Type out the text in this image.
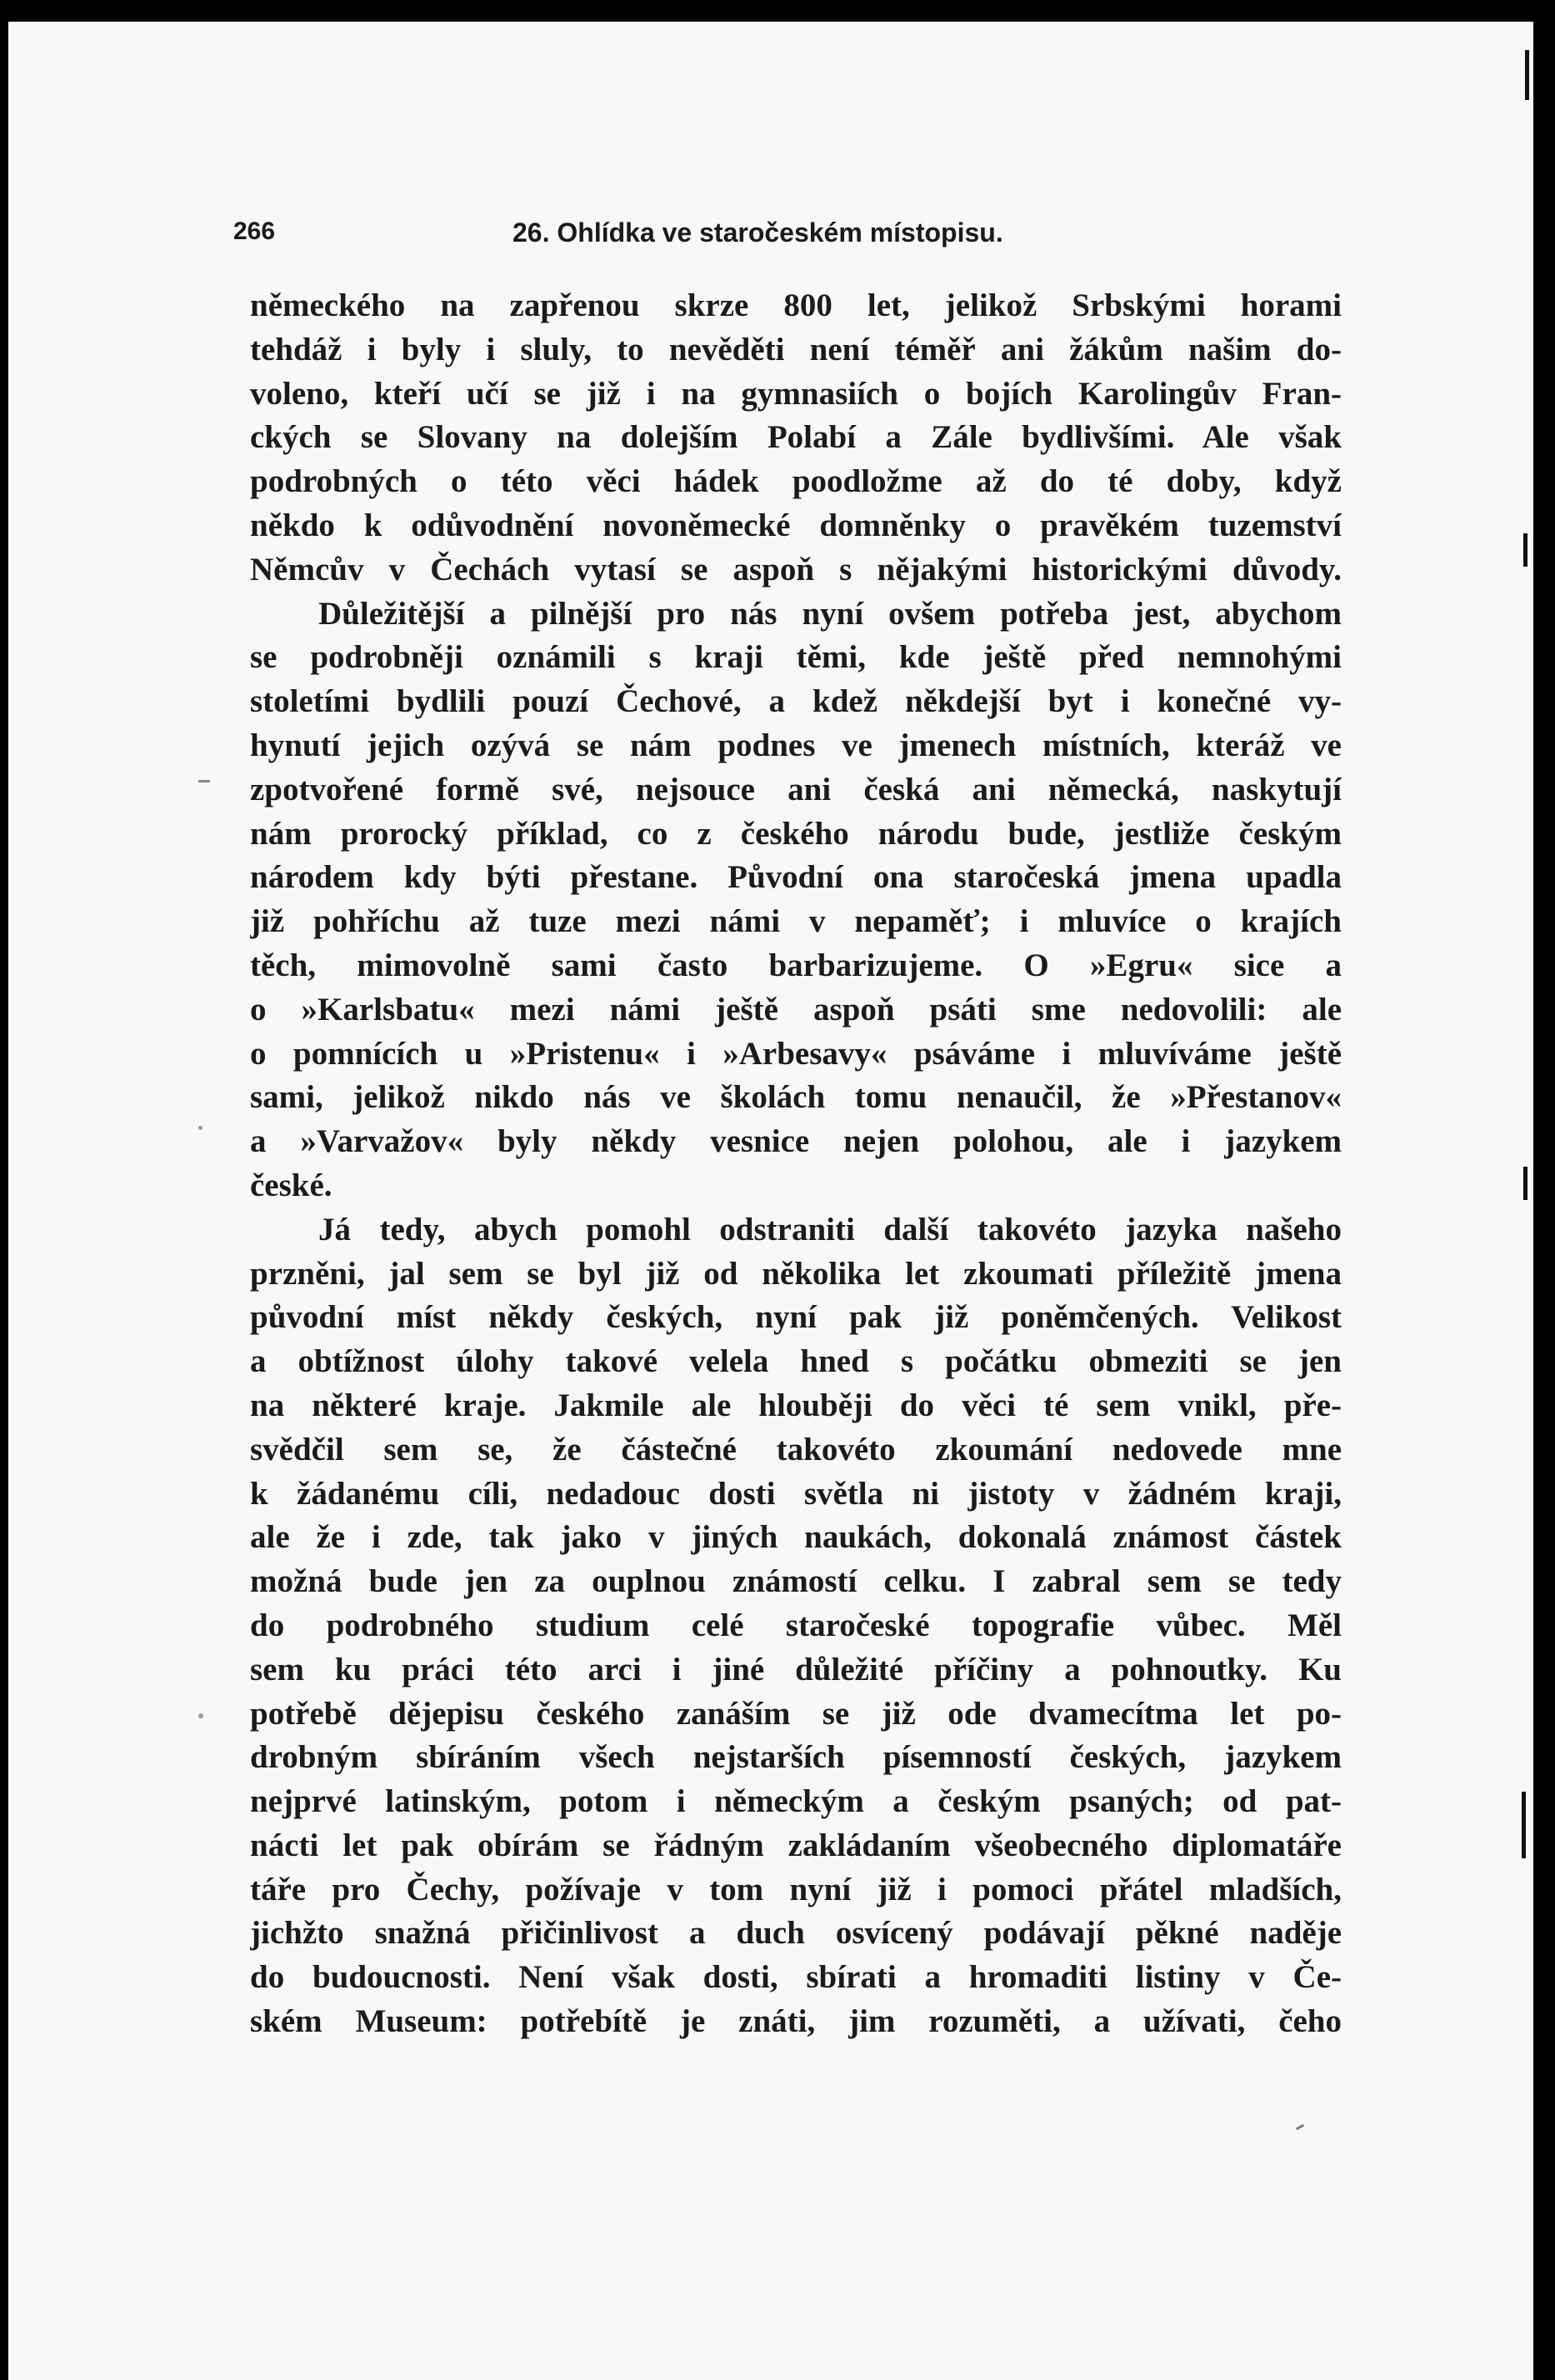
266	26. Ohlídka ve staročeském místopisu.
německého na zapřenou skrze 800 let, jelikož Srbskými horami
tehdáž i byly i sluly, to nevěděti není téměř ani žákům našim do-
voleno, kteří učí se již i na gymnasiích o bojích Karolingův Fran-
ckých se Slovany na dolejším Polabí a Zále bydlivšími. Ale však
podrobných o této věci hádek poodložme až do té doby, když
někdo k odůvodnění novoněmecké domněnky o pravěkém tuzemství
Němcův v Čechách vytasí se aspoň s nějakými historickými důvody.
Důležitější a pilnější pro nás nyní ovšem potřeba jest, abychom
se podrobněji oznámili s kraji těmi, kde ještě před nemnohými
stoletími bydlili pouzí Čechové, a kdež někdejší byt i konečné vy-
hynutí jejich ozývá se nám podnes ve jmenech místních, kteráž ve
zpotvořené formě své, nejsouce ani česká ani německá, naskytují
nám prorocký příklad, co z českého národu bude, jestliže českým
národem kdy býti přestane. Původní ona staročeská jmena upadla
již pohříchu až tuze mezi námi v nepaměť; i mluvíce o krajích
těch, mimovolně sami často barbarizujeme. O »Egru« sice a
o »Karlsbatu« mezi námi ještě aspoň psáti sme nedovolili: ale
o pomnících u »Pristenu« i »Arbesavy« psáváme i mluvíváme ještě
sami, jelikož nikdo nás ve školách tomu nenaučil, že »Přestanov«
a »Varvažov« byly někdy vesnice nejen polohou, ale i jazykem
české.
Já tedy, abych pomohl odstraniti další takovéto jazyka našeho
przněni, jal sem se byl již od několika let zkoumati příležitě jmena
původní míst někdy českých, nyní pak již poněmčených. Velikost
a obtížnost úlohy takové velela hned s počátku obmeziti se jen
na některé kraje. Jakmile ale hlouběji do věci té sem vnikl, pře-
svědčil sem se, že částečné takovéto zkoumání nedovede mne
k žádanému cíli, nedadouc dosti světla ni jistoty v žádném kraji,
ale že i zde, tak jako v jiných naukách, dokonalá známost částek
možná bude jen za ouplnou známostí celku. I zabral sem se tedy
do podrobného studium celé staročeské topografie vůbec. Měl
sem ku práci této arci i jiné důležité příčiny a pohnoutky. Ku
potřebě dějepisu českého zanáším se již ode dvamecítma let po-
drobným sbíráním všech nejstarších písemností českých, jazykem
nejprvé latinským, potom i německým a českým psaných; od pat-
nácti let pak obírám se řádným zakládaním všeobecného diplomatáře
táře pro Čechy, požívaje v tom nyní již i pomoci přátel mladších,
jichžto snažná přičinlivost a duch osvícený podávají pěkné naděje
do budoucnosti. Není však dosti, sbírati a hromaditi listiny v Če-
ském Museum: potřebítě je znáti, jim rozuměti, a užívati, čeho
